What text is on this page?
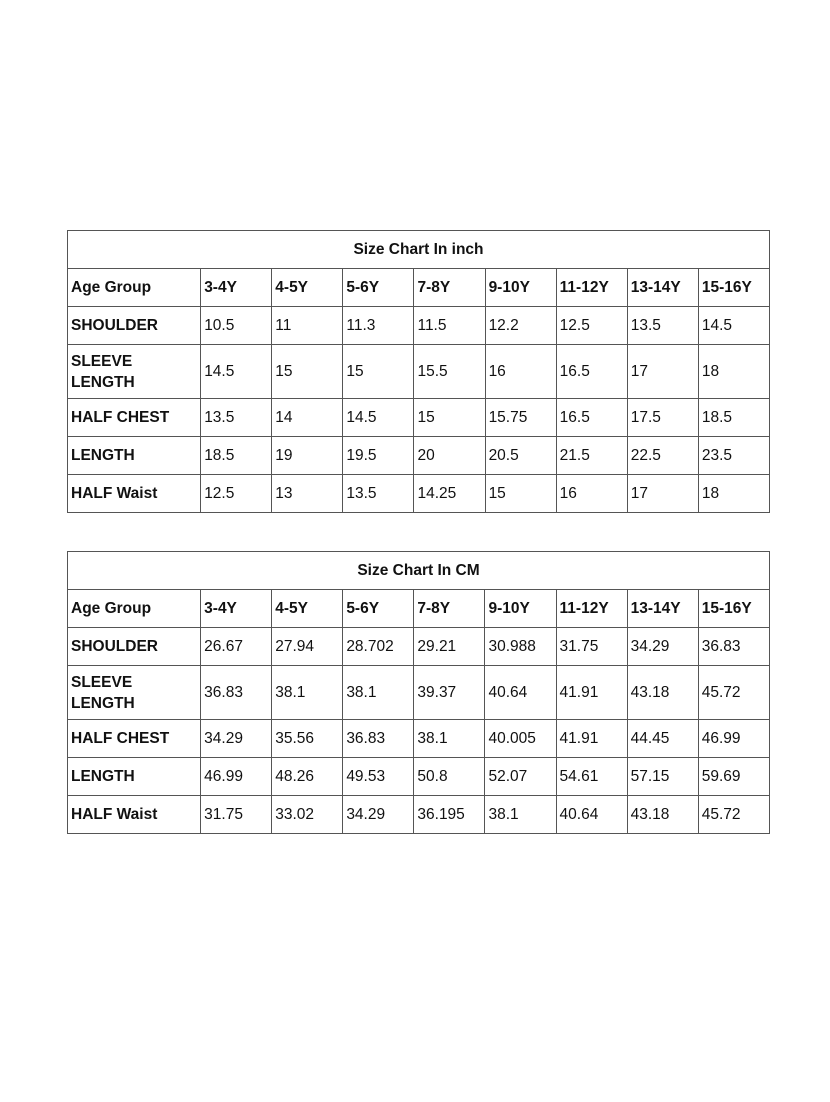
Size Chart In inch								
Age Group	3-4Y	4-5Y	5-6Y	7-8Y	9-10Y	11-12Y	13-14Y	15-16Y
SHOULDER	10.5	11	11.3	11.5	12.2	12.5	13.5	14.5
SLEEVE LENGTH	14.5	15	15	15.5	16	16.5	17	18
HALF CHEST	13.5	14	14.5	15	15.75	16.5	17.5	18.5
LENGTH	18.5	19	19.5	20	20.5	21.5	22.5	23.5
HALF Waist	12.5	13	13.5	14.25	15	16	17	18
Size Chart In CM								
Age Group	3-4Y	4-5Y	5-6Y	7-8Y	9-10Y	11-12Y	13-14Y	15-16Y
SHOULDER	26.67	27.94	28.702	29.21	30.988	31.75	34.29	36.83
SLEEVE LENGTH	36.83	38.1	38.1	39.37	40.64	41.91	43.18	45.72
HALF CHEST	34.29	35.56	36.83	38.1	40.005	41.91	44.45	46.99
LENGTH	46.99	48.26	49.53	50.8	52.07	54.61	57.15	59.69
HALF Waist	31.75	33.02	34.29	36.195	38.1	40.64	43.18	45.72
